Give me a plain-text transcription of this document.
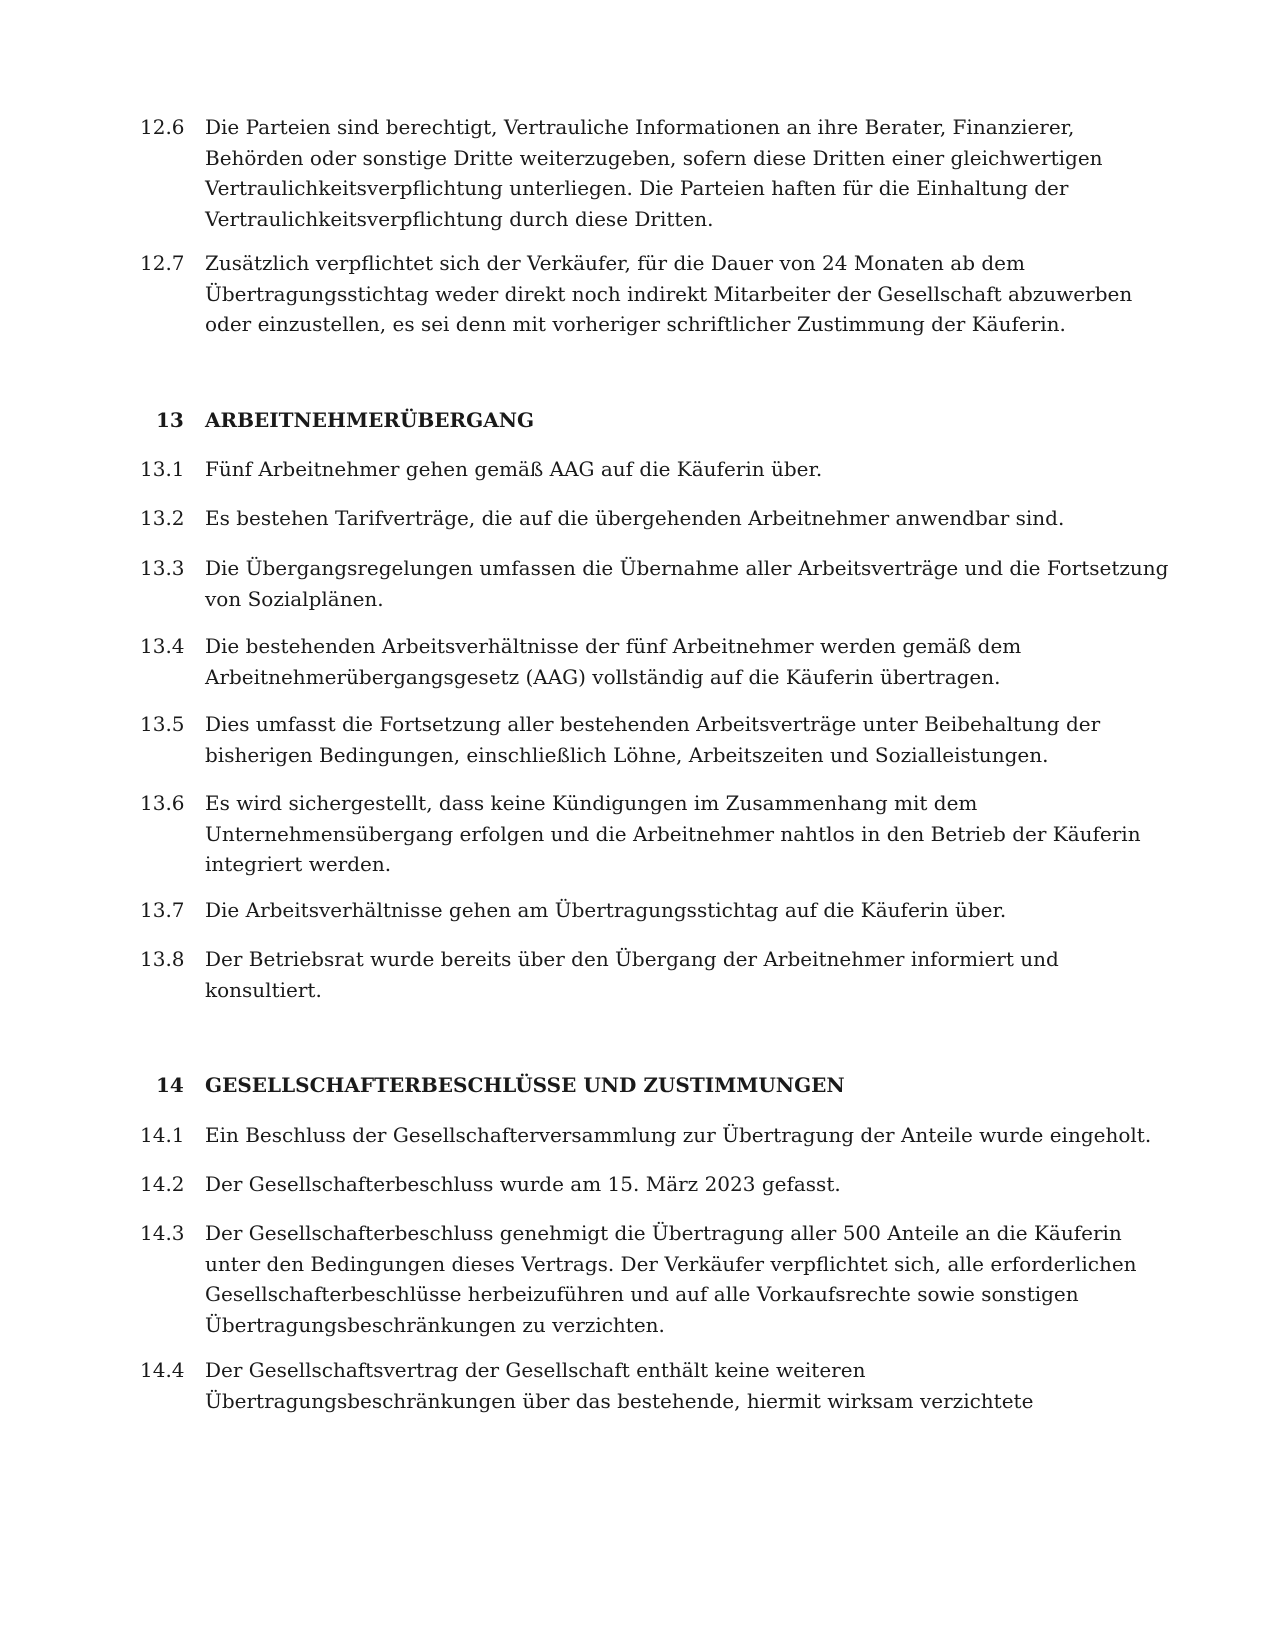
12.6	Die Parteien sind berechtigt, Vertrauliche Informationen an ihre Berater, Finanzierer,
Behörden oder sonstige Dritte weiterzugeben, sofern diese Dritten einer gleichwertigen
Vertraulichkeitsverpflichtung unterliegen. Die Parteien haften für die Einhaltung der
Vertraulichkeitsverpflichtung durch diese Dritten.
12.7	Zusätzlich verpflichtet sich der Verkäufer, für die Dauer von 24 Monaten ab dem
Übertragungsstichtag weder direkt noch indirekt Mitarbeiter der Gesellschaft abzuwerben
oder einzustellen, es sei denn mit vorheriger schriftlicher Zustimmung der Käuferin.
13	ARBEITNEHMERÜBERGANG
13.1	Fünf Arbeitnehmer gehen gemäß AAG auf die Käuferin über.
13.2	Es bestehen Tarifverträge, die auf die übergehenden Arbeitnehmer anwendbar sind.
13.3	Die Übergangsregelungen umfassen die Übernahme aller Arbeitsverträge und die Fortsetzung
von Sozialplänen.
13.4	Die bestehenden Arbeitsverhältnisse der fünf Arbeitnehmer werden gemäß dem
Arbeitnehmerübergangsgesetz (AAG) vollständig auf die Käuferin übertragen.
13.5	Dies umfasst die Fortsetzung aller bestehenden Arbeitsverträge unter Beibehaltung der
bisherigen Bedingungen, einschließlich Löhne, Arbeitszeiten und Sozialleistungen.
13.6	Es wird sichergestellt, dass keine Kündigungen im Zusammenhang mit dem
Unternehmensübergang erfolgen und die Arbeitnehmer nahtlos in den Betrieb der Käuferin
integriert werden.
13.7	Die Arbeitsverhältnisse gehen am Übertragungsstichtag auf die Käuferin über.
13.8	Der Betriebsrat wurde bereits über den Übergang der Arbeitnehmer informiert und
konsultiert.
14	GESELLSCHAFTERBESCHLÜSSE UND ZUSTIMMUNGEN
14.1	Ein Beschluss der Gesellschafterversammlung zur Übertragung der Anteile wurde eingeholt.
14.2	Der Gesellschafterbeschluss wurde am 15. März 2023 gefasst.
14.3	Der Gesellschafterbeschluss genehmigt die Übertragung aller 500 Anteile an die Käuferin
unter den Bedingungen dieses Vertrags. Der Verkäufer verpflichtet sich, alle erforderlichen
Gesellschafterbeschlüsse herbeizuführen und auf alle Vorkaufsrechte sowie sonstigen
Übertragungsbeschränkungen zu verzichten.
14.4	Der Gesellschaftsvertrag der Gesellschaft enthält keine weiteren
Übertragungsbeschränkungen über das bestehende, hiermit wirksam verzichtete
